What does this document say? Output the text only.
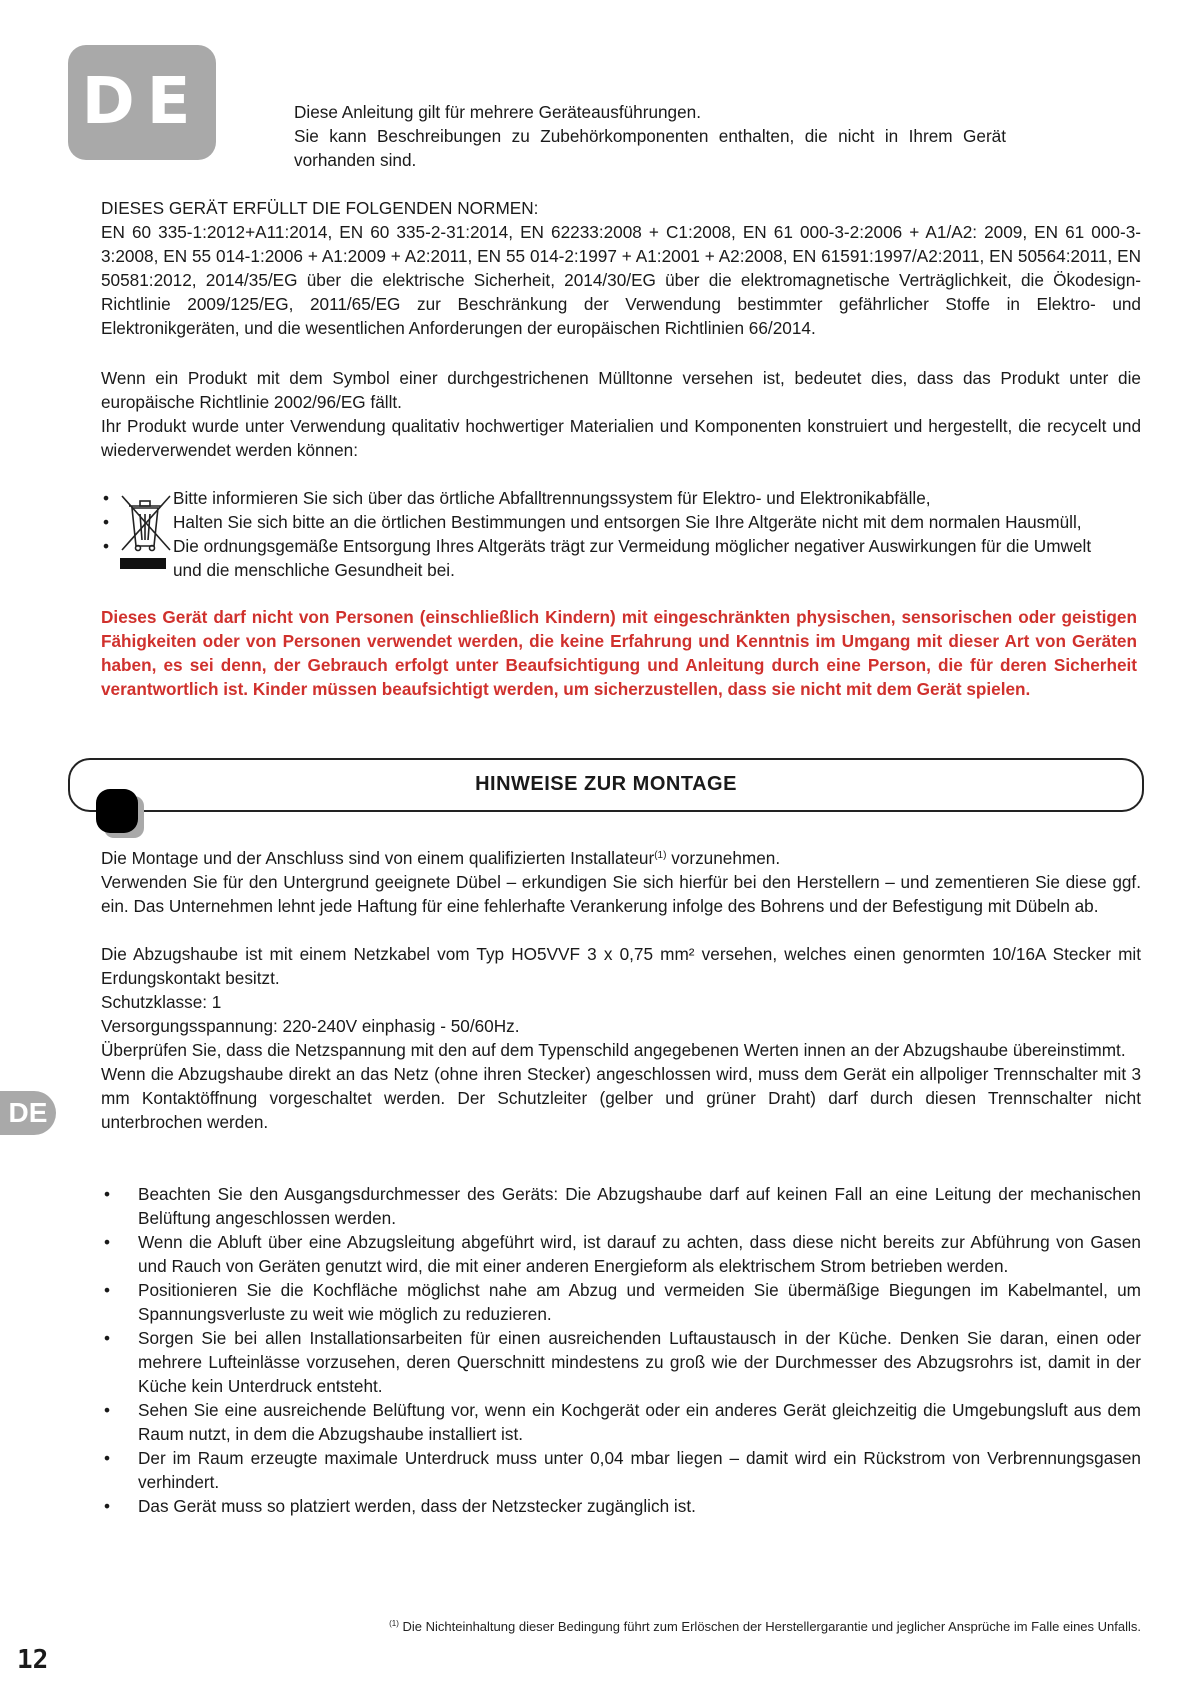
DE	Diese Anleitung gilt für mehrere Geräteausführungen.
Sie kann Beschreibungen zu Zubehörkomponenten enthalten, die nicht in Ihrem Gerät vorhanden sind.

DIESES GERÄT ERFÜLLT DIE FOLGENDEN NORMEN:

EN 60 335-1:2012+A11:2014, EN 60 335-2-31:2014, EN 62233:2008 + C1:2008, EN 61 000-3-2:2006 + A1/A2: 2009, EN 61 000-3-3:2008, EN 55 014-1:2006 + A1:2009 + A2:2011, EN 55 014-2:1997 + A1:2001 + A2:2008, EN 61591:1997/A2:2011, EN 50564:2011, EN 50581:2012, 2014/35/EG über die elektrische Sicherheit, 2014/30/EG über die elektromagnetische Verträglichkeit, die Ökodesign-Richtlinie 2009/125/EG, 2011/65/EG zur Beschränkung der Verwendung bestimmter gefährlicher Stoffe in Elektro- und Elektronikgeräten, und die wesentlichen Anforderungen der europäischen Richtlinien 66/2014.

Wenn ein Produkt mit dem Symbol einer durchgestrichenen Mülltonne versehen ist, bedeutet dies, dass das Produkt unter die europäische Richtlinie 2002/96/EG fällt.
Ihr Produkt wurde unter Verwendung qualitativ hochwertiger Materialien und Komponenten konstruiert und hergestellt, die recycelt und wiederverwendet werden können:

•	Bitte informieren Sie sich über das örtliche Abfalltrennungssystem für Elektro- und Elektronikabfälle,
•	Halten Sie sich bitte an die örtlichen Bestimmungen und entsorgen Sie Ihre Altgeräte nicht mit dem normalen Hausmüll,
•	Die ordnungsgemäße Entsorgung Ihres Altgeräts trägt zur Vermeidung möglicher negativer Auswirkungen für die Umwelt
und die menschliche Gesundheit bei.

Dieses Gerät darf nicht von Personen (einschließlich Kindern) mit eingeschränkten physischen, sensorischen oder geistigen Fähigkeiten oder von Personen verwendet werden, die keine Erfahrung und Kenntnis im Umgang mit dieser Art von Geräten haben, es sei denn, der Gebrauch erfolgt unter Beaufsichtigung und Anleitung durch eine Person, die für deren Sicherheit verantwortlich ist. Kinder müssen beaufsichtigt werden, um sicherzustellen, dass sie nicht mit dem Gerät spielen.

HINWEISE ZUR MONTAGE

Die Montage und der Anschluss sind von einem qualifizierten Installateur$^{(1)}$ vorzunehmen.
Verwenden Sie für den Untergrund geeignete Dübel – erkundigen Sie sich hierfür bei den Herstellern – und zementieren Sie diese ggf. ein. Das Unternehmen lehnt jede Haftung für eine fehlerhafte Verankerung infolge des Bohrens und der Befestigung mit Dübeln ab.

Die Abzugshaube ist mit einem Netzkabel vom Typ HO5VVF 3 x 0,75 mm² versehen, welches einen genormten 10/16A Stecker mit Erdungskontakt besitzt.
Schutzklasse: 1
Versorgungsspannung: 220-240V einphasig - 50/60Hz.
Überprüfen Sie, dass die Netzspannung mit den auf dem Typenschild angegebenen Werten innen an der Abzugshaube übereinstimmt.
Wenn die Abzugshaube direkt an das Netz (ohne ihren Stecker) angeschlossen wird, muss dem Gerät ein allpoliger Trennschalter mit 3 mm Kontaktöffnung vorgeschaltet werden. Der Schutzleiter (gelber und grüner Draht) darf durch diesen Trennschalter nicht unterbrochen werden.

DE
• Beachten Sie den Ausgangsdurchmesser des Geräts: Die Abzugshaube darf auf keinen Fall an eine Leitung der mechanischen Belüftung angeschlossen werden.
• Wenn die Abluft über eine Abzugsleitung abgeführt wird, ist darauf zu achten, dass diese nicht bereits zur Abführung von Gasen und Rauch von Geräten genutzt wird, die mit einer anderen Energieform als elektrischem Strom betrieben werden.
• Positionieren Sie die Kochfläche möglichst nahe am Abzug und vermeiden Sie übermäßige Biegungen im Kabelmantel, um Spannungsverluste zu weit wie möglich zu reduzieren.
• Sorgen Sie bei allen Installationsarbeiten für einen ausreichenden Luftaustausch in der Küche. Denken Sie daran, einen oder mehrere Lufteinlässe vorzusehen, deren Querschnitt mindestens zu groß wie der Durchmesser des Abzugsrohrs ist, damit in der Küche kein Unterdruck entsteht.
• Sehen Sie eine ausreichende Belüftung vor, wenn ein Kochgerät oder ein anderes Gerät gleichzeitig die Umgebungsluft aus dem Raum nutzt, in dem die Abzugshaube installiert ist.
• Der im Raum erzeugte maximale Unterdruck muss unter 0,04 mbar liegen – damit wird ein Rückstrom von Verbrennungsgasen verhindert.
• Das Gerät muss so platziert werden, dass der Netzstecker zugänglich ist.

$^{(1)}$ Die Nichteinhaltung dieser Bedingung führt zum Erlöschen der Herstellergarantie und jeglicher Ansprüche im Falle eines Unfalls.

12
